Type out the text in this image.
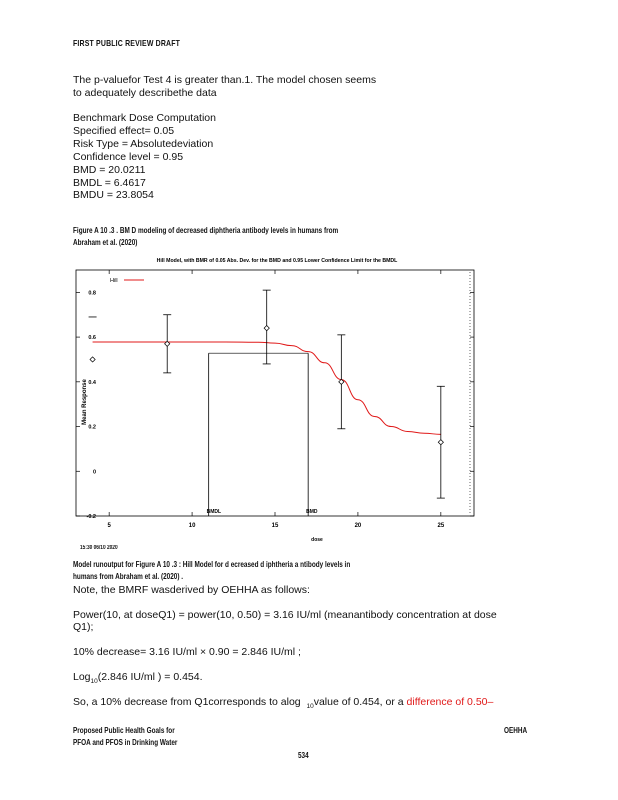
FIRST PUBLIC REVIEW DRAFT
The p-valuefor Test 4 is greater than.1. The model chosen seems
to adequately describethe data
Benchmark Dose Computation
Specified effect= 0.05
Risk Type = Absolutedeviation
Confidence level = 0.95
BMD = 20.0211
BMDL = 6.4617
BMDU = 23.8054
Figure A 10 .3 . BM D modeling of decreased diphtheria antibody levels in humans from
Abraham et al. (2020)
Hill Model, with BMR of 0.05 Abs. Dev. for the BMD and 0.95 Lower Confidence Limit for the BMDL
Hill
-0.2
0
0.2
0.4
0.6
0.8
5	10	15	20	25
BMDL	BMD
Mean Response
dose
15:30 06/10 2020
Model runoutput for Figure A 10 .3 : Hill Model for d ecreased d iphtheria a ntibody levels in
humans from Abraham et al. (2020) .
Note, the BMRF wasderived by OEHHA as follows:
Power(10, at doseQ1) = power(10, 0.50) = 3.16 IU/ml (meanantibody concentration at dose
Q1);
10% decrease= 3.16 IU/ml × 0.90 = 2.846 IU/ml ;
Log$_{10}$(2.846 IU/ml ) = 0.454.
So, a 10% decrease from Q1corresponds to alog $_{10}$value of 0.454, or a difference of 0.50–
Proposed Public Health Goals for
PFOA and PFOS in Drinking Water
OEHHA
534
